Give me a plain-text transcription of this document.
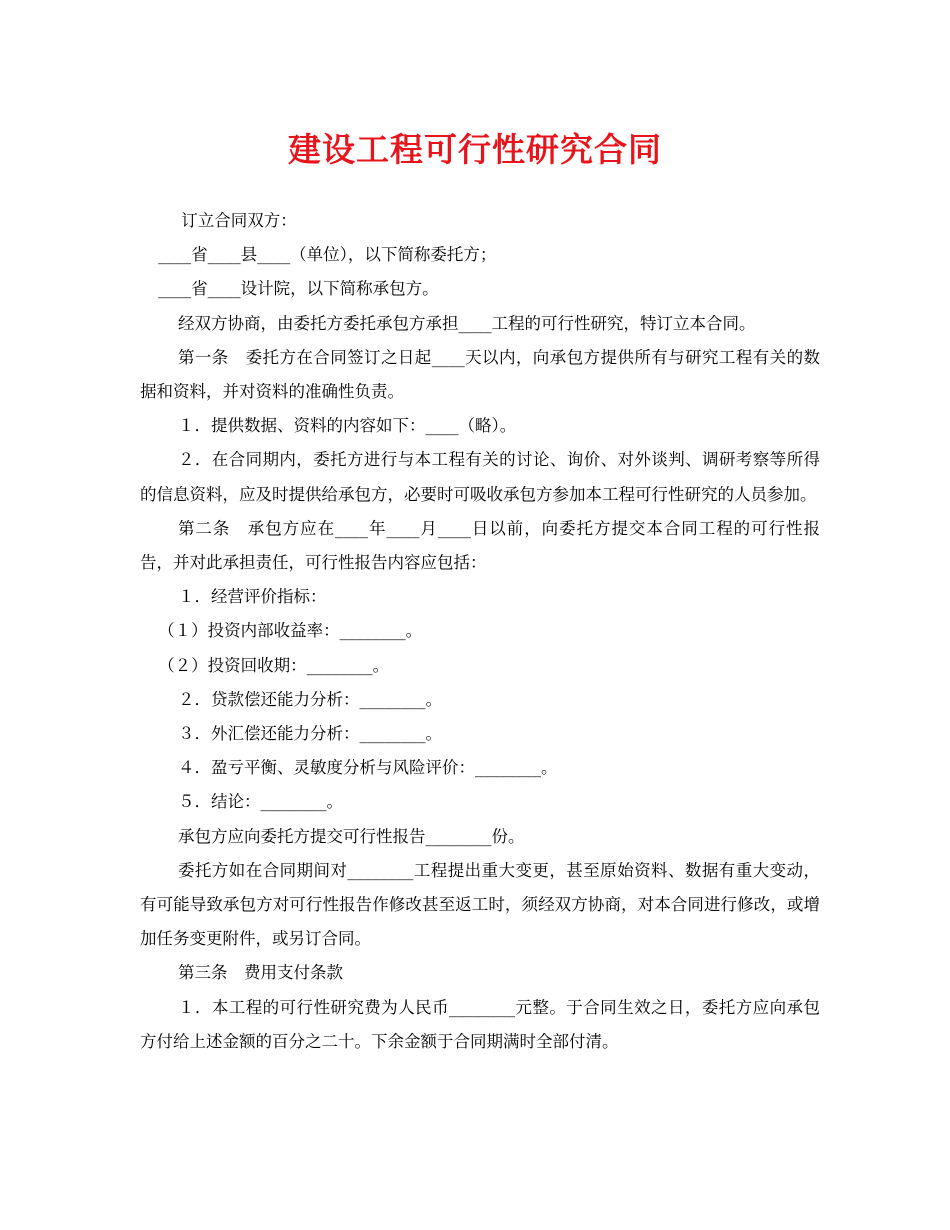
建设工程可行性研究合同

订立合同双方：

____省____县____（单位），以下简称委托方；

____省____设计院，以下简称承包方。

经双方协商，由委托方委托承包方承担____工程的可行性研究，特订立本合同。

第一条　委托方在合同签订之日起____天以内，向承包方提供所有与研究工程有关的数据和资料，并对资料的准确性负责。

１．提供数据、资料的内容如下：____（略）。

２．在合同期内，委托方进行与本工程有关的讨论、询价、对外谈判、调研考察等所得的信息资料，应及时提供给承包方，必要时可吸收承包方参加本工程可行性研究的人员参加。

第二条　承包方应在____年____月____日以前，向委托方提交本合同工程的可行性报告，并对此承担责任，可行性报告内容应包括：

１．经营评价指标：

（１）投资内部收益率：________。

（２）投资回收期：________。

２．贷款偿还能力分析：________。

３．外汇偿还能力分析：________。

４．盈亏平衡、灵敏度分析与风险评价：________。

５．结论：________。

承包方应向委托方提交可行性报告________份。

委托方如在合同期间对________工程提出重大变更，甚至原始资料、数据有重大变动，有可能导致承包方对可行性报告作修改甚至返工时，须经双方协商，对本合同进行修改，或增加任务变更附件，或另订合同。

第三条　费用支付条款

１．本工程的可行性研究费为人民币________元整。于合同生效之日，委托方应向承包方付给上述金额的百分之二十。下余金额于合同期满时全部付清。
